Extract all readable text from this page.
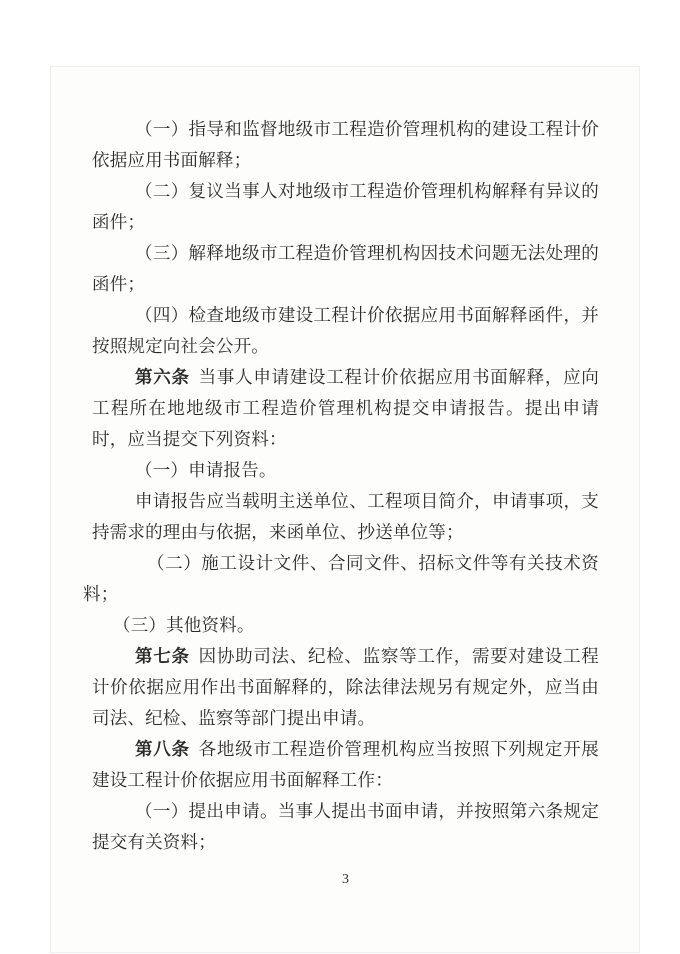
（一）指导和监督地级市工程造价管理机构的建设工程计价
依据应用书面解释；
（二）复议当事人对地级市工程造价管理机构解释有异议的
函件；
（三）解释地级市工程造价管理机构因技术问题无法处理的
函件；
（四）检查地级市建设工程计价依据应用书面解释函件，并
按照规定向社会公开。
第六条 当事人申请建设工程计价依据应用书面解释，应向
工程所在地地级市工程造价管理机构提交申请报告。提出申请
时，应当提交下列资料：
（一）申请报告。
申请报告应当载明主送单位、工程项目简介，申请事项，支
持需求的理由与依据，来函单位、抄送单位等；
（二）施工设计文件、合同文件、招标文件等有关技术资
料；
（三）其他资料。
第七条 因协助司法、纪检、监察等工作，需要对建设工程
计价依据应用作出书面解释的，除法律法规另有规定外，应当由
司法、纪检、监察等部门提出申请。
第八条 各地级市工程造价管理机构应当按照下列规定开展
建设工程计价依据应用书面解释工作：
（一）提出申请。当事人提出书面申请，并按照第六条规定
提交有关资料；
3
